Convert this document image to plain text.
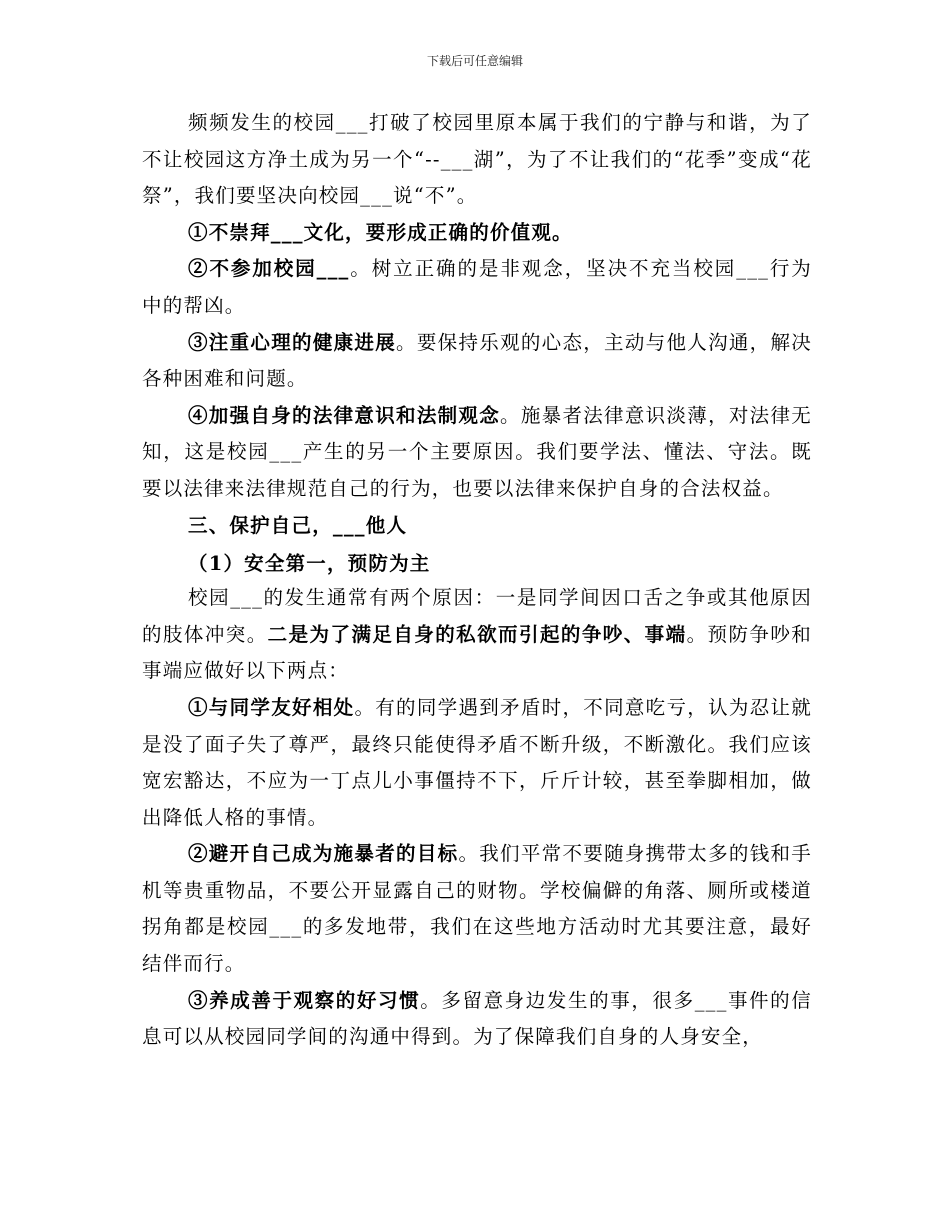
下载后可任意编辑

频频发生的校园___打破了校园里原本属于我们的宁静与和谐，为了不让校园这方净土成为另一个“--___湖”，为了不让我们的“花季”变成“花祭”，我们要坚决向校园___说“不”。

①不崇拜___文化，要形成正确的价值观。

②不参加校园___。树立正确的是非观念，坚决不充当校园___行为中的帮凶。

③注重心理的健康进展。要保持乐观的心态，主动与他人沟通，解决各种困难和问题。

④加强自身的法律意识和法制观念。施暴者法律意识淡薄，对法律无知，这是校园___产生的另一个主要原因。我们要学法、懂法、守法。既要以法律来法律规范自己的行为，也要以法律来保护自身的合法权益。

三、保护自己，___他人

（1）安全第一，预防为主

校园___的发生通常有两个原因：一是同学间因口舌之争或其他原因的肢体冲突。二是为了满足自身的私欲而引起的争吵、事端。预防争吵和事端应做好以下两点：

①与同学友好相处。有的同学遇到矛盾时，不同意吃亏，认为忍让就是没了面子失了尊严，最终只能使得矛盾不断升级，不断激化。我们应该宽宏豁达，不应为一丁点儿小事僵持不下，斤斤计较，甚至拳脚相加，做出降低人格的事情。

②避开自己成为施暴者的目标。我们平常不要随身携带太多的钱和手机等贵重物品，不要公开显露自己的财物。学校偏僻的角落、厕所或楼道拐角都是校园___的多发地带，我们在这些地方活动时尤其要注意，最好结伴而行。

③养成善于观察的好习惯。多留意身边发生的事，很多___事件的信息可以从校园同学间的沟通中得到。为了保障我们自身的人身安全，
